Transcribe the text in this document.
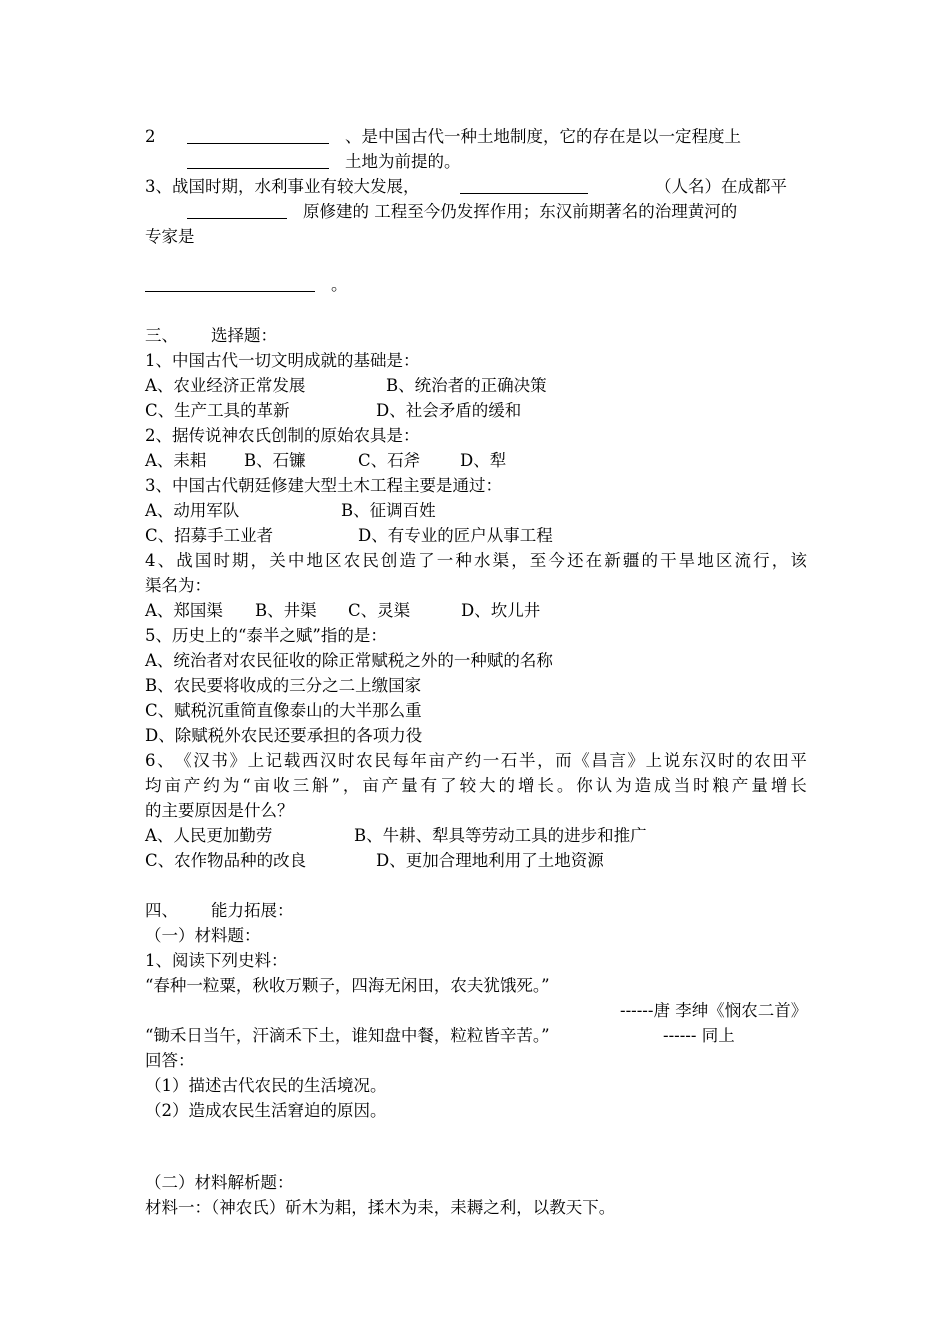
2	、是中国古代一种土地制度，它的存在是以一定程度上
土地为前提的。
3、战国时期，水利事业有较大发展，	（人名）在成都平
原修建的 工程至今仍发挥作用；东汉前期著名的治理黄河的
专家是
。
三、 选择题：
1、中国古代一切文明成就的基础是：
A、农业经济正常发展	B、统治者的正确决策
C、生产工具的革新	D、社会矛盾的缓和
2、据传说神农氏创制的原始农具是：
A、耒耜 B、石镰	C、石斧 D、犁
3、中国古代朝廷修建大型土木工程主要是通过：
A、动用军队	B、征调百姓
C、招募手工业者	D、有专业的匠户从事工程
4 、 战 国 时 期 ， 关 中 地 区 农 民 创 造 了 一 种 水 渠 ， 至 今 还 在 新 疆 的 干 旱 地 区 流 行 ， 该
渠名为：
A、郑国渠 B、井渠 C、灵渠	D、坎儿井
5、历史上的“泰半之赋”指的是：
A、统治者对农民征收的除正常赋税之外的一种赋的名称
B、农民要将收成的三分之二上缴国家
C、赋税沉重简直像泰山的大半那么重
D、除赋税外农民还要承担的各项力役
6 、 《 汉 书 》 上 记 载 西 汉 时 农 民 每 年 亩 产 约 一 石 半 ， 而 《 昌 言 》 上 说 东 汉 时 的 农 田 平
均 亩 产 约 为 “ 亩 收 三 斛 ” ， 亩 产 量 有 了 较 大 的 增 长 。 你 认 为 造 成 当 时 粮 产 量 增 长
的主要原因是什么？
A、人民更加勤劳	B、牛耕、犁具等劳动工具的进步和推广
C、农作物品种的改良	D、更加合理地利用了土地资源
四、 能力拓展：
（一）材料题：
1、阅读下列史料：
“春种一粒粟，秋收万颗子，四海无闲田，农夫犹饿死。”
------唐 李绅《悯农二首》
“锄禾日当午，汗滴禾下土，谁知盘中餐，粒粒皆辛苦。”	------ 同上
回答：
（1）描述古代农民的生活境况。
（2）造成农民生活窘迫的原因。
（二）材料解析题：
材料一：（神农氏）斫木为耜，揉木为耒，耒耨之利，以教天下。
